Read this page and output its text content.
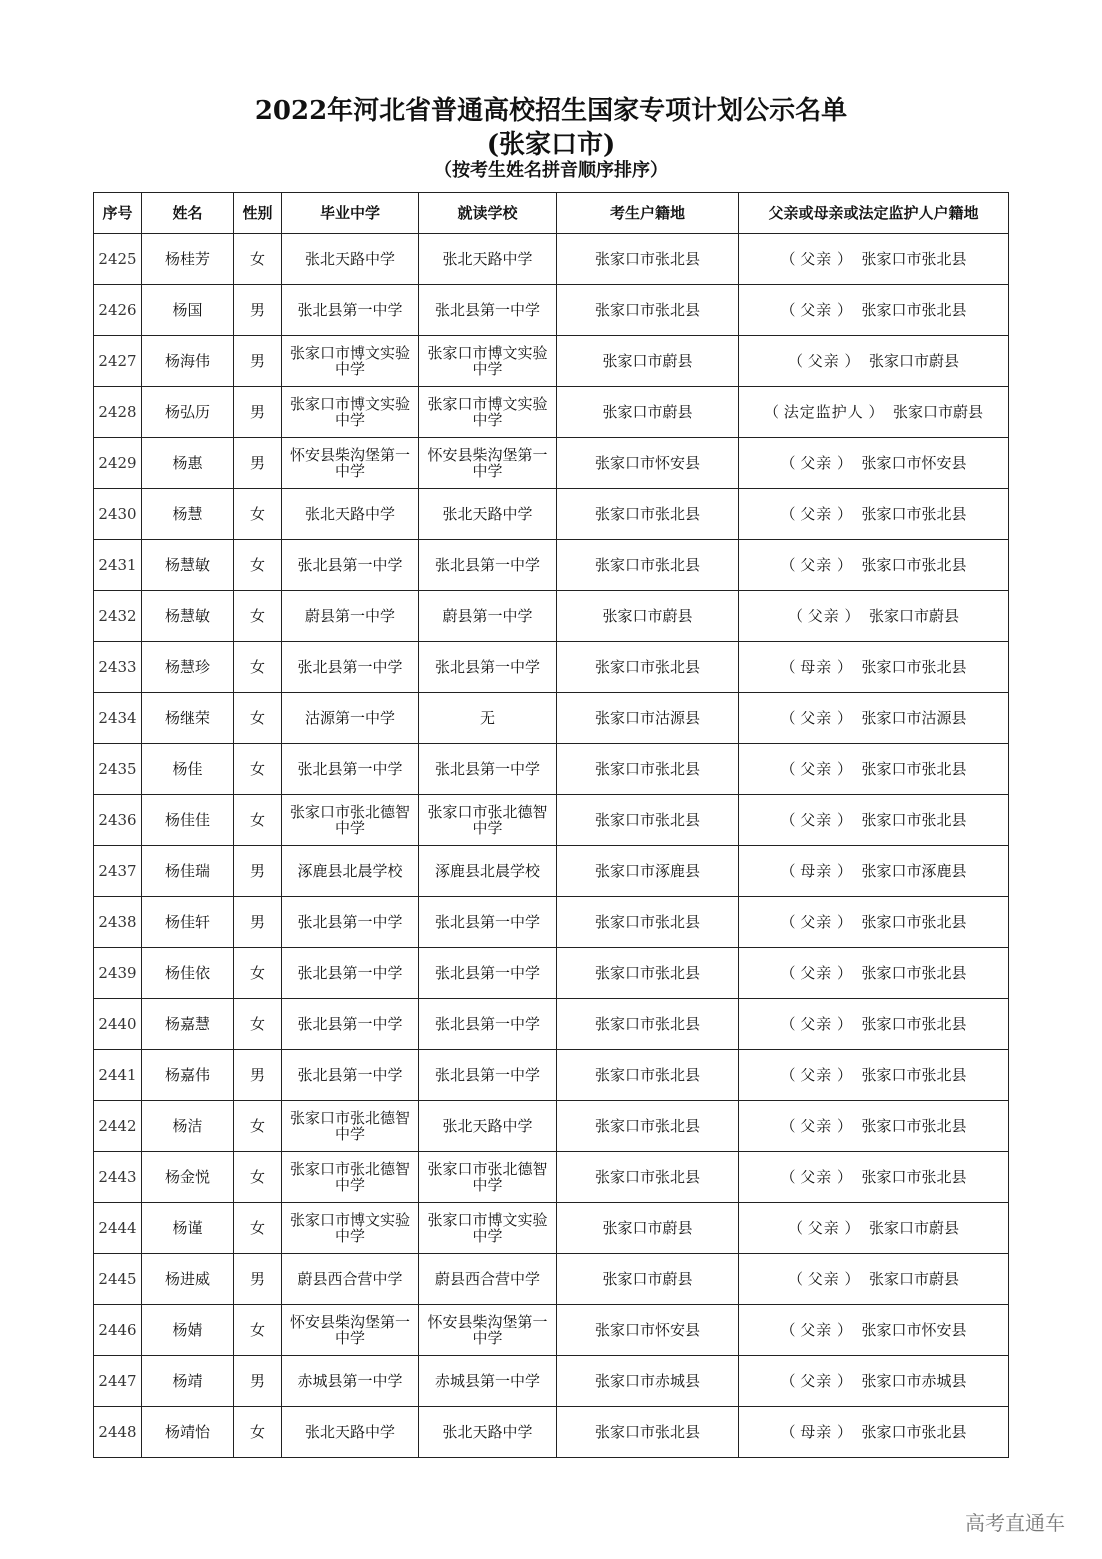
2022年河北省普通高校招生国家专项计划公示名单
(张家口市)
（按考生姓名拼音顺序排序）
序号	姓名	性别	毕业中学	就读学校	考生户籍地	父亲或母亲或法定监护人户籍地
2425	杨桂芳	女	张北天路中学	张北天路中学	张家口市张北县	（ 父亲 ）  张家口市张北县
2426	杨国	男	张北县第一中学	张北县第一中学	张家口市张北县	（ 父亲 ）  张家口市张北县
2427	杨海伟	男	张家口市博文实验中学	张家口市博文实验中学	张家口市蔚县	（ 父亲 ）  张家口市蔚县
2428	杨弘历	男	张家口市博文实验中学	张家口市博文实验中学	张家口市蔚县	（ 法定监护人 ）  张家口市蔚县
2429	杨惠	男	怀安县柴沟堡第一中学	怀安县柴沟堡第一中学	张家口市怀安县	（ 父亲 ）  张家口市怀安县
2430	杨慧	女	张北天路中学	张北天路中学	张家口市张北县	（ 父亲 ）  张家口市张北县
2431	杨慧敏	女	张北县第一中学	张北县第一中学	张家口市张北县	（ 父亲 ）  张家口市张北县
2432	杨慧敏	女	蔚县第一中学	蔚县第一中学	张家口市蔚县	（ 父亲 ）  张家口市蔚县
2433	杨慧珍	女	张北县第一中学	张北县第一中学	张家口市张北县	（ 母亲 ）  张家口市张北县
2434	杨继荣	女	沽源第一中学	无	张家口市沽源县	（ 父亲 ）  张家口市沽源县
2435	杨佳	女	张北县第一中学	张北县第一中学	张家口市张北县	（ 父亲 ）  张家口市张北县
2436	杨佳佳	女	张家口市张北德智中学	张家口市张北德智中学	张家口市张北县	（ 父亲 ）  张家口市张北县
2437	杨佳瑞	男	涿鹿县北晨学校	涿鹿县北晨学校	张家口市涿鹿县	（ 母亲 ）  张家口市涿鹿县
2438	杨佳轩	男	张北县第一中学	张北县第一中学	张家口市张北县	（ 父亲 ）  张家口市张北县
2439	杨佳依	女	张北县第一中学	张北县第一中学	张家口市张北县	（ 父亲 ）  张家口市张北县
2440	杨嘉慧	女	张北县第一中学	张北县第一中学	张家口市张北县	（ 父亲 ）  张家口市张北县
2441	杨嘉伟	男	张北县第一中学	张北县第一中学	张家口市张北县	（ 父亲 ）  张家口市张北县
2442	杨洁	女	张家口市张北德智中学	张北天路中学	张家口市张北县	（ 父亲 ）  张家口市张北县
2443	杨金悦	女	张家口市张北德智中学	张家口市张北德智中学	张家口市张北县	（ 父亲 ）  张家口市张北县
2444	杨谨	女	张家口市博文实验中学	张家口市博文实验中学	张家口市蔚县	（ 父亲 ）  张家口市蔚县
2445	杨进威	男	蔚县西合营中学	蔚县西合营中学	张家口市蔚县	（ 父亲 ）  张家口市蔚县
2446	杨婧	女	怀安县柴沟堡第一中学	怀安县柴沟堡第一中学	张家口市怀安县	（ 父亲 ）  张家口市怀安县
2447	杨靖	男	赤城县第一中学	赤城县第一中学	张家口市赤城县	（ 父亲 ）  张家口市赤城县
2448	杨靖怡	女	张北天路中学	张北天路中学	张家口市张北县	（ 母亲 ）  张家口市张北县
高考直通车
